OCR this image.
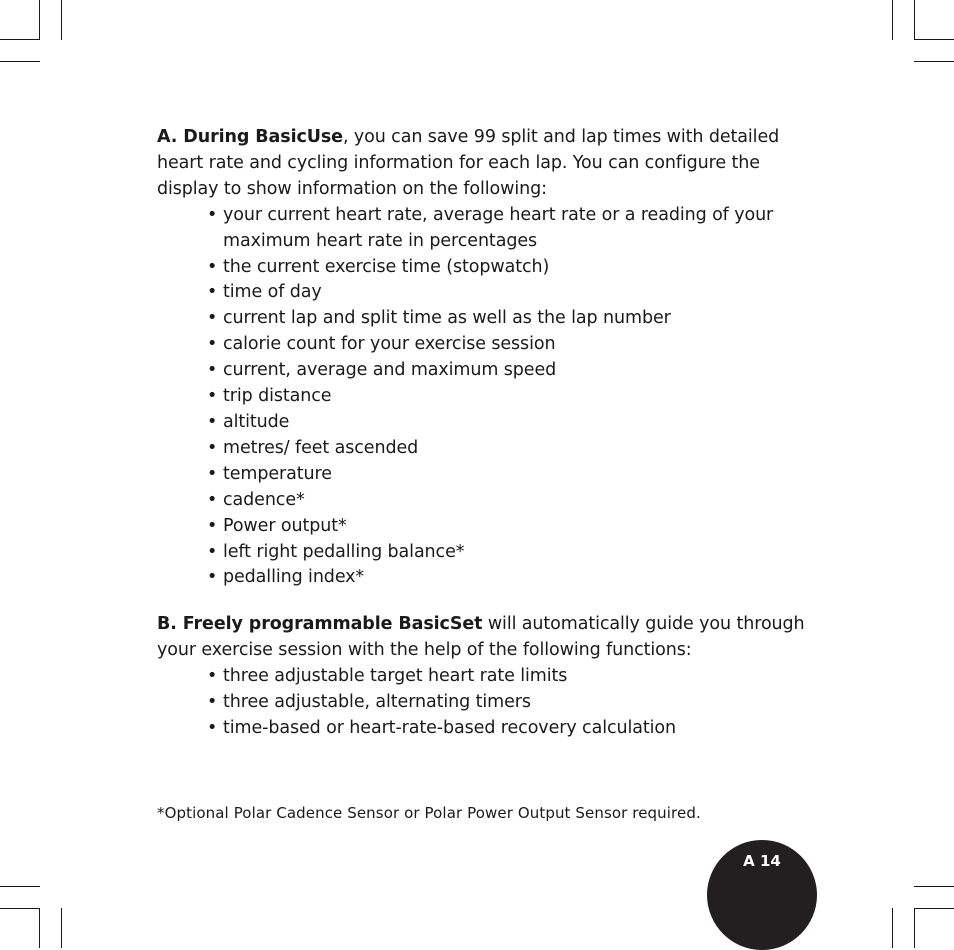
A. During BasicUse, you can save 99 split and lap times with detailed heart rate and cycling information for each lap. You can configure the display to show information on the following:

• your current heart rate, average heart rate or a reading of your maximum heart rate in percentages
• the current exercise time (stopwatch)
• time of day
• current lap and split time as well as the lap number
• calorie count for your exercise session
• current, average and maximum speed
• trip distance
• altitude
• metres/ feet ascended
• temperature
• cadence*
• Power output*
• left right pedalling balance*
• pedalling index*

B. Freely programmable BasicSet will automatically guide you through your exercise session with the help of the following functions:

• three adjustable target heart rate limits
• three adjustable, alternating timers
• time-based or heart-rate-based recovery calculation
*Optional Polar Cadence Sensor or Polar Power Output Sensor required.
A 14
